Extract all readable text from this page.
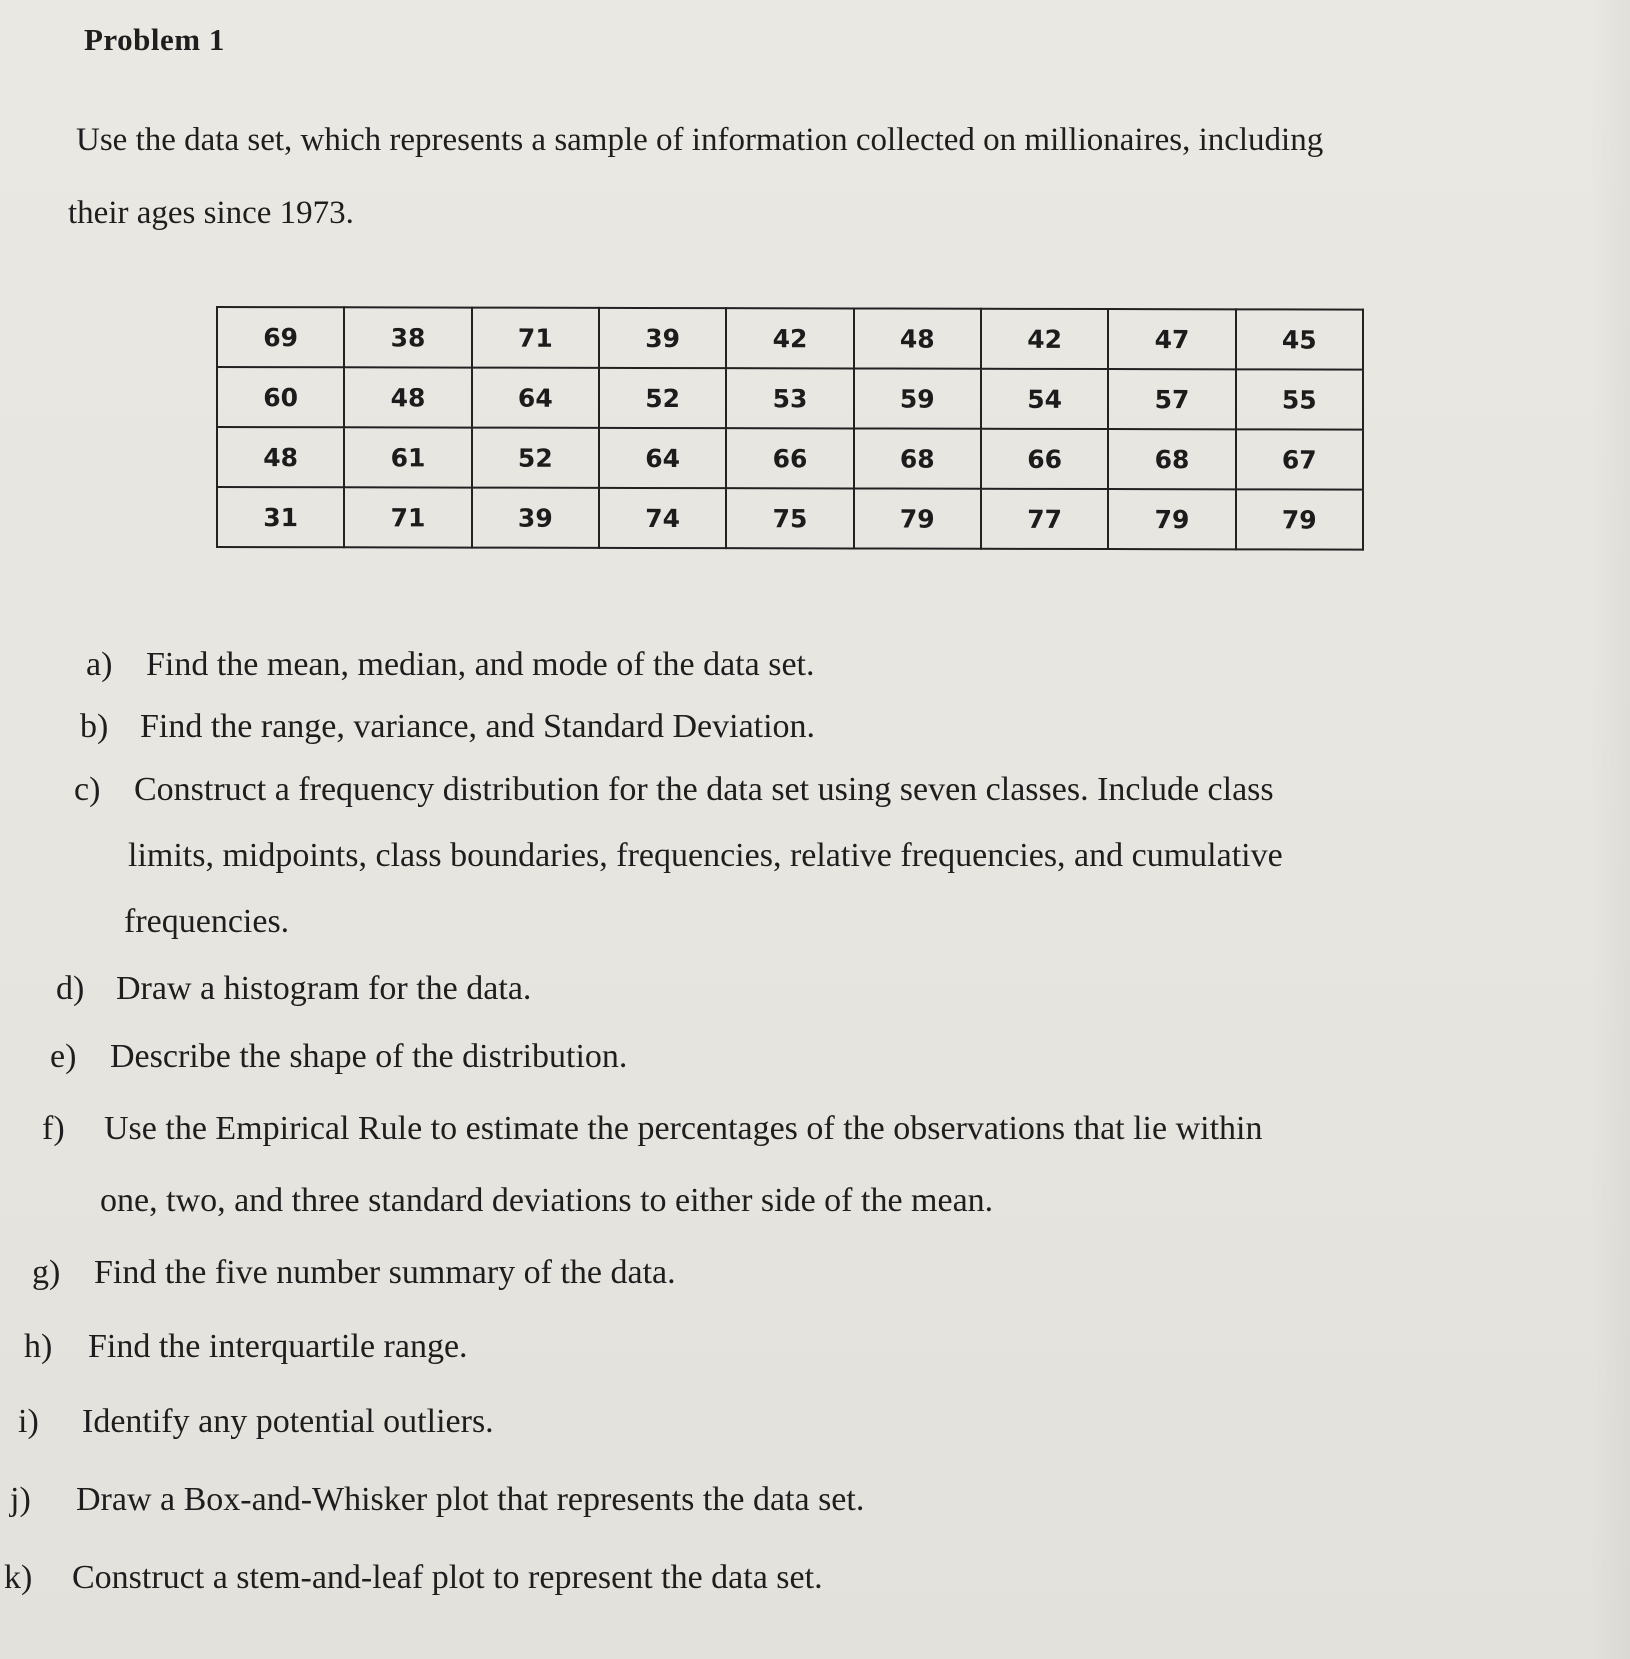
Problem 1
Use the data set, which represents a sample of information collected on millionaires, including
their ages since 1973.
69	38	71	39	42	48	42	47	45
60	48	64	52	53	59	54	57	55
48	61	52	64	66	68	66	68	67
31	71	39	74	75	79	77	79	79
a) Find the mean, median, and mode of the data set.
b) Find the range, variance, and Standard Deviation.
c) Construct a frequency distribution for the data set using seven classes. Include class
limits, midpoints, class boundaries, frequencies, relative frequencies, and cumulative
frequencies.
d) Draw a histogram for the data.
e) Describe the shape of the distribution.
f) Use the Empirical Rule to estimate the percentages of the observations that lie within
one, two, and three standard deviations to either side of the mean.
g) Find the five number summary of the data.
h) Find the interquartile range.
i) Identify any potential outliers.
j) Draw a Box-and-Whisker plot that represents the data set.
k) Construct a stem-and-leaf plot to represent the data set.
